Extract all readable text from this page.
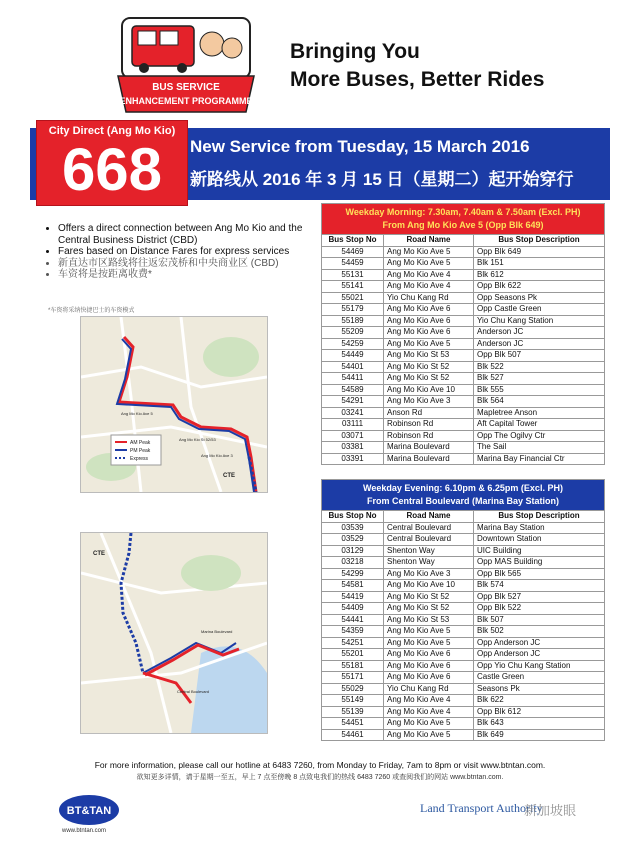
BUS SERVICE
ENHANCEMENT PROGRAMME
Bringing You
More Buses, Better Rides
City Direct (Ang Mo Kio)
668	New Service from Tuesday, 15 March 2016
新路线从 2016 年 3 月 15 日（星期二）起开始穿行
• Offers a direct connection between Ang Mo Kio and the Central Business District (CBD)
• Fares based on Distance Fares for express services
• 新直达市区路线将往返宏茂桥和中央商业区 (CBD)
• 车资将是按距离收费*
*车资将采纳快捷巴士的车资模式
AM Peak
PM Peak
Express
Ang Mo Kio Ave 5
Ang Mo Kio St 52/53
Ang Mo Kio Ave 3
CTE
CTE
Marina Boulevard
Central Boulevard
Weekday Morning: 7.30am, 7.40am & 7.50am (Excl. PH)
From Ang Mo Kio Ave 5 (Opp Blk 649)		

Bus Stop No	Road Name	Bus Stop Description
54469	Ang Mo Kio Ave 5	Opp Blk 649
54459	Ang Mo Kio Ave 5	Blk 151
55131	Ang Mo Kio Ave 4	Blk 612
55141	Ang Mo Kio Ave 4	Opp Blk 622
55021	Yio Chu Kang Rd	Opp Seasons Pk
55179	Ang Mo Kio Ave 6	Opp Castle Green
55189	Ang Mo Kio Ave 6	Yio Chu Kang Station
55209	Ang Mo Kio Ave 6	Anderson JC
54259	Ang Mo Kio Ave 5	Anderson JC
54449	Ang Mo Kio St 53	Opp Blk 507
54401	Ang Mo Kio St 52	Blk 522
54411	Ang Mo Kio St 52	Blk 527
54589	Ang Mo Kio Ave 10	Blk 555
54291	Ang Mo Kio Ave 3	Blk 564
03241	Anson Rd	Mapletree Anson
03111	Robinson Rd	Aft Capital Tower
03071	Robinson Rd	Opp The Ogilvy Ctr
03381	Marina Boulevard	The Sail
03391	Marina Boulevard	Marina Bay Financial Ctr
Weekday Evening: 6.10pm & 6.25pm (Excl. PH)
From Central Boulevard (Marina Bay Station)		

Bus Stop No	Road Name	Bus Stop Description
03539	Central Boulevard	Marina Bay Station
03529	Central Boulevard	Downtown Station
03129	Shenton Way	UIC Building
03218	Shenton Way	Opp MAS Building
54299	Ang Mo Kio Ave 3	Opp Blk 565
54581	Ang Mo Kio Ave 10	Blk 574
54419	Ang Mo Kio St 52	Opp Blk 527
54409	Ang Mo Kio St 52	Opp Blk 522
54441	Ang Mo Kio St 53	Blk 507
54359	Ang Mo Kio Ave 5	Blk 502
54251	Ang Mo Kio Ave 5	Opp Anderson JC
55201	Ang Mo Kio Ave 6	Opp Anderson JC
55181	Ang Mo Kio Ave 6	Opp Yio Chu Kang Station
55171	Ang Mo Kio Ave 6	Castle Green
55029	Yio Chu Kang Rd	Seasons Pk
55149	Ang Mo Kio Ave 4	Blk 622
55139	Ang Mo Kio Ave 4	Opp Blk 612
54451	Ang Mo Kio Ave 5	Blk 643
54461	Ang Mo Kio Ave 5	Blk 649
For more information, please call our hotline at 6483 7260, from Monday to Friday, 7am to 8pm or visit www.btntan.com.
欲知更多详情，请于星期一至五，早上 7 点至傍晚 8 点致电我们的热线 6483 7260 或查阅我们的网站 www.btntan.com.
BT&TAN
www.btntan.com
Land Transport Authority
新加坡眼
